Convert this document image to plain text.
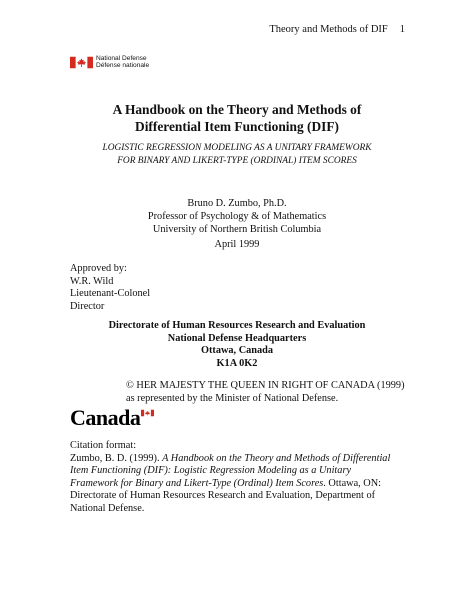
Theory and Methods of DIF 1
National Defense
Défense nationale
A Handbook on the Theory and Methods of
Differential Item Functioning (DIF)
LOGISTIC REGRESSION MODELING AS A UNITARY FRAMEWORK
FOR BINARY AND LIKERT-TYPE (ORDINAL) ITEM SCORES
Bruno D. Zumbo, Ph.D.
Professor of Psychology & of Mathematics
University of Northern British Columbia
April 1999
Approved by:
W.R. Wild
Lieutenant-Colonel
Director
Directorate of Human Resources Research and Evaluation
National Defense Headquarters
Ottawa, Canada
K1A 0K2
© HER MAJESTY THE QUEEN IN RIGHT OF CANADA (1999)
as represented by the Minister of National Defense.
Canada
Citation format:
Zumbo, B. D. (1999). A Handbook on the Theory and Methods of Differential Item Functioning (DIF): Logistic Regression Modeling as a Unitary Framework for Binary and Likert-Type (Ordinal) Item Scores. Ottawa, ON: Directorate of Human Resources Research and Evaluation, Department of National Defense.
